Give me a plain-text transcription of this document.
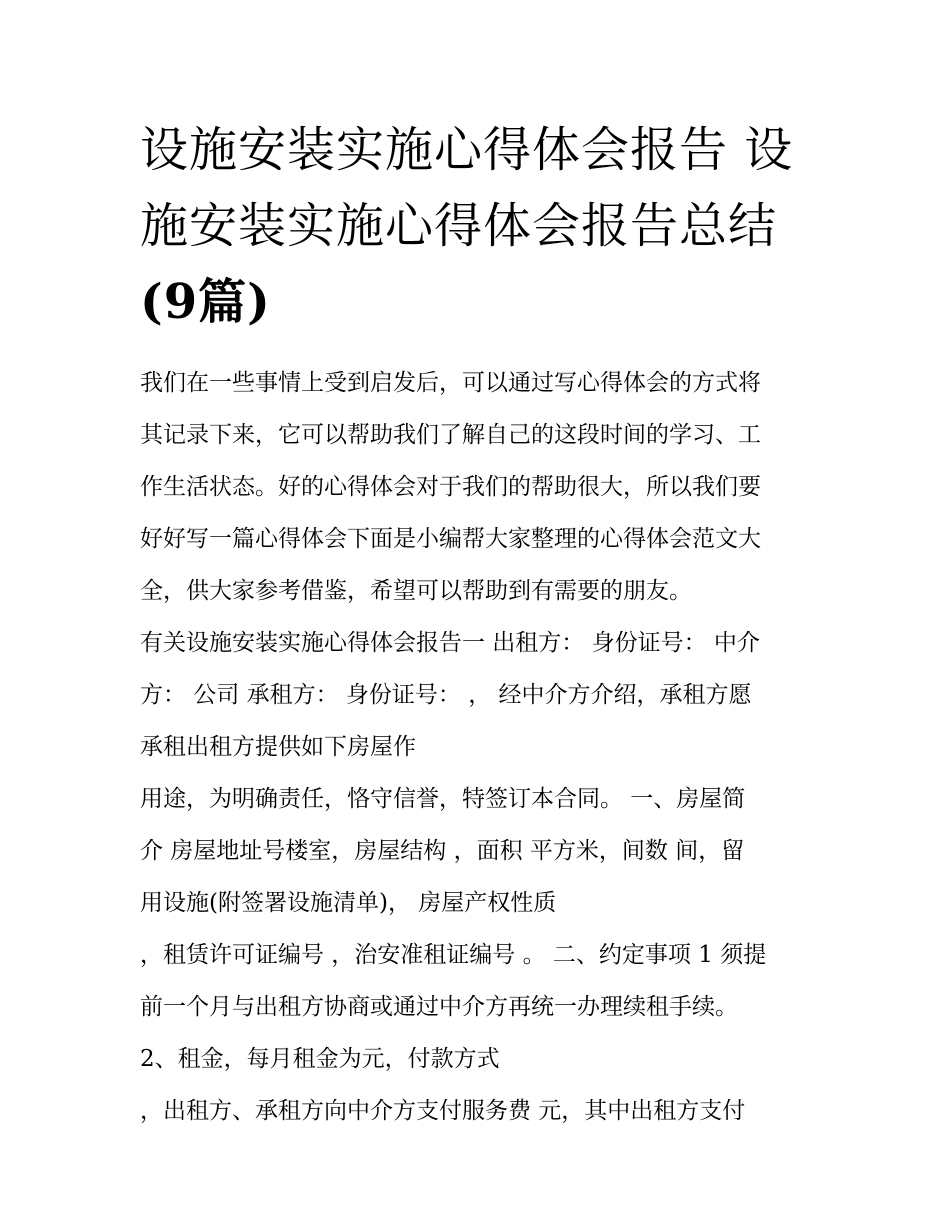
设施安装实施心得体会报告 设
施安装实施心得体会报告总结
(9篇)
我们在一些事情上受到启发后，可以通过写心得体会的方式将
其记录下来，它可以帮助我们了解自己的这段时间的学习、工
作生活状态。好的心得体会对于我们的帮助很大，所以我们要
好好写一篇心得体会下面是小编帮大家整理的心得体会范文大
全，供大家参考借鉴，希望可以帮助到有需要的朋友。
有关设施安装实施心得体会报告一 出租方： 身份证号： 中介
方： 公司 承租方： 身份证号： ， 经中介方介绍，承租方愿
承租出租方提供如下房屋作
用途，为明确责任，恪守信誉，特签订本合同。 一、房屋简
介 房屋地址号楼室，房屋结构 ，面积 平方米，间数 间，留
用设施(附签署设施清单)， 房屋产权性质
，租赁许可证编号 ，治安准租证编号 。 二、约定事项 1 须提
前一个月与出租方协商或通过中介方再统一办理续租手续。
2、租金，每月租金为元，付款方式
，出租方、承租方向中介方支付服务费 元，其中出租方支付
